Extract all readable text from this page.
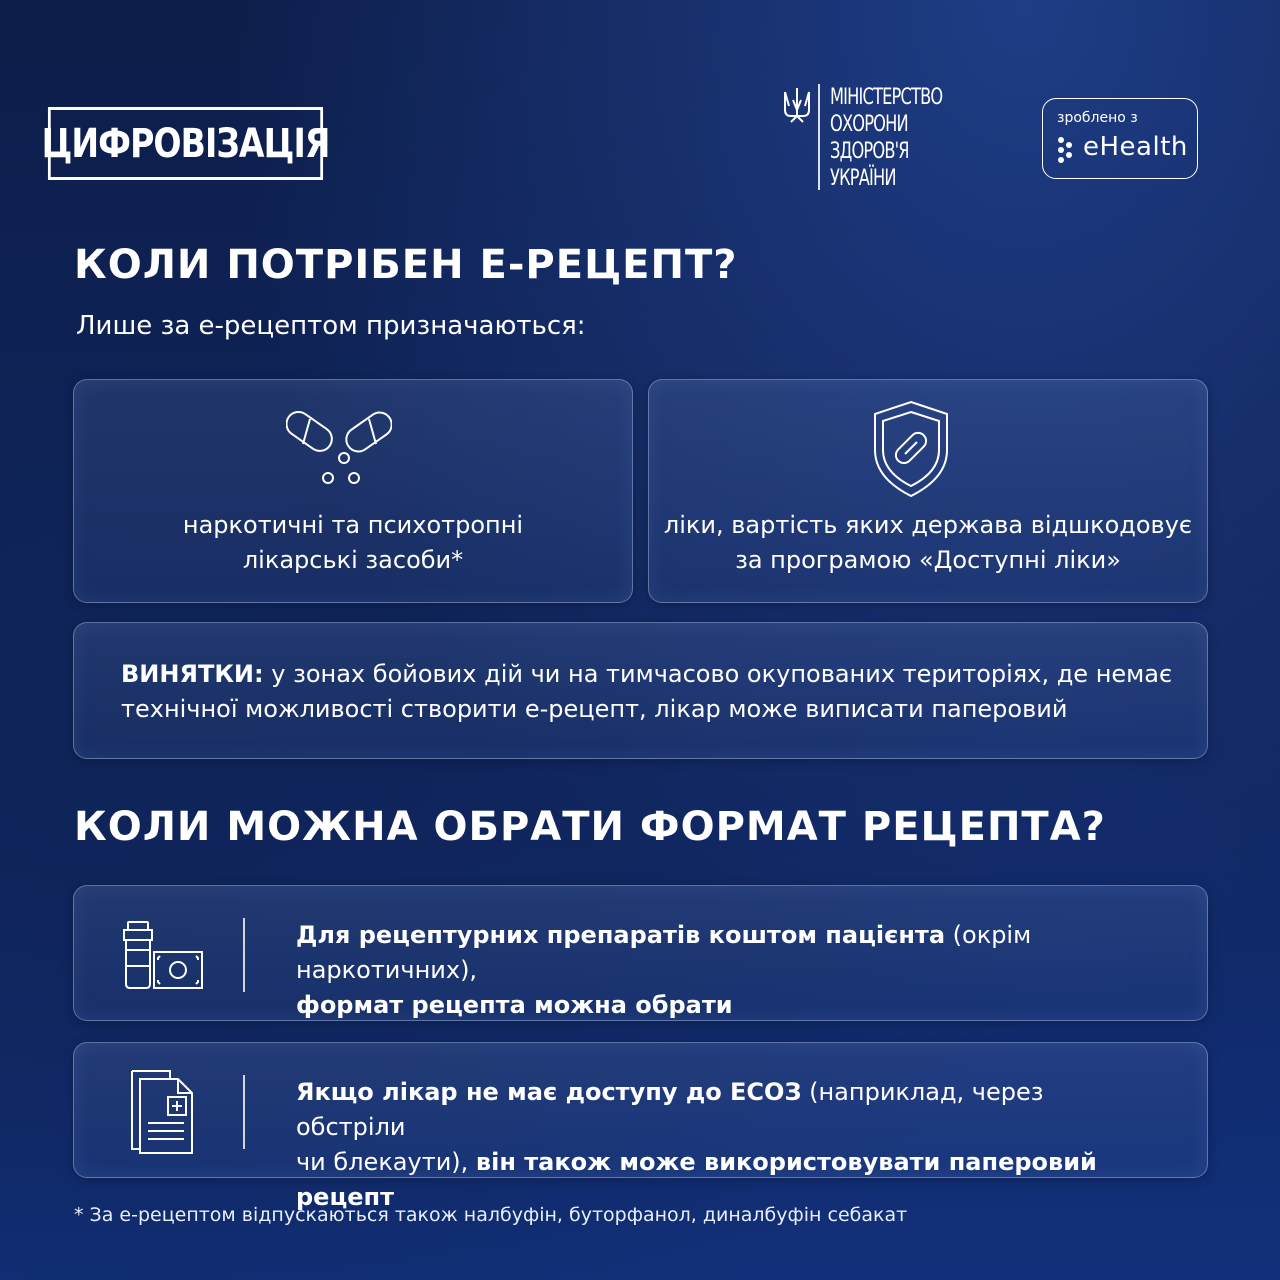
ЦИФРОВІЗАЦІЯ
МІНІСТЕРСТВО
ОХОРОНИ
ЗДОРОВ'Я
УКРАЇНИ
зроблено з
eHealth
КОЛИ ПОТРІБЕН Е-РЕЦЕПТ?
Лише за е-рецептом призначаються:
наркотичні та психотропні
лікарські засоби*
ліки, вартість яких держава відшкодовує
за програмою «Доступні ліки»
ВИНЯТКИ: у зонах бойових дій чи на тимчасово окупованих територіях, де немає
технічної можливості створити е-рецепт, лікар може виписати паперовий
КОЛИ МОЖНА ОБРАТИ ФОРМАТ РЕЦЕПТА?
Для рецептурних препаратів коштом пацієнта (окрім наркотичних),
формат рецепта можна обрати
Якщо лікар не має доступу до ЕСОЗ (наприклад, через обстріли
чи блекаути), він також може використовувати паперовий рецепт
* За е-рецептом відпускаються також налбуфін, буторфанол, диналбуфін себакат
